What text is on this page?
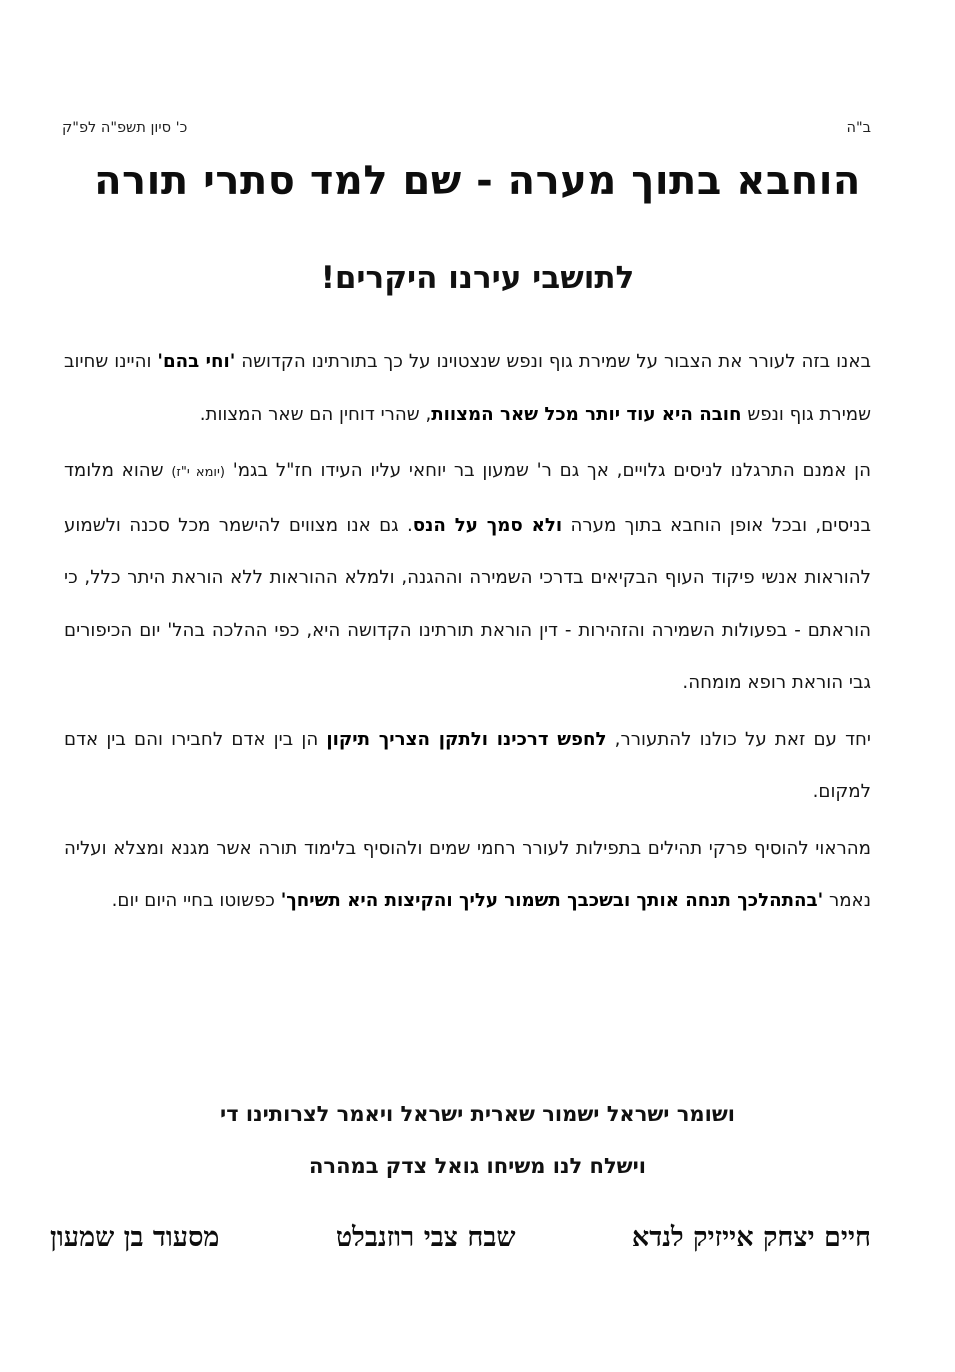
ב"ה
כ' סיון תשפ"ה לפ"ק
הוחבא בתוך מערה - שם למד סתרי תורה
לתושבי עירנו היקרים!

באנו בזה לעורר את הצבור על שמירת גוף ונפש שנצטוינו על כך בתורתינו הקדושה 'וחי בהם' והיינו שחיוב שמירת גוף ונפש חובה היא עוד יותר מכל שאר המצוות, שהרי דוחין הם שאר המצוות.

הן אמנם התרגלנו לניסים גלויים, אך גם ר' שמעון בר יוחאי עליו העידו חז"ל בגמ' (יומא י"ז) שהוא מלומד בניסים, ובכל אופן הוחבא בתוך מערה ולא סמך על הנס. גם אנו מצווים להישמר מכל סכנה ולשמוע להוראות אנשי פיקוד העוף הבקיאים בדרכי השמירה וההגנה, ולמלא ההוראות ללא הוראת היתר כלל, כי הוראתם - בפעולות השמירה והזהירות - דין הוראת תורתינו הקדושה היא, כפי ההלכה בהל' יום הכיפורים גבי הוראת רופא מומחה.

יחד עם זאת על כולנו להתעורר, לחפש דרכינו ולתקן הצריך תיקון הן בין אדם לחבירו והם בין אדם למקום.

מהראוי להוסיף פרקי תהילים בתפילות לעורר רחמי שמים ולהוסיף בלימוד תורה אשר מגנא ומצלא ועליה נאמר 'בהתהלכך תנחה אותך ובשכבך תשמור עליך והקיצות היא תשיחך' כפשוטו בחיי היום יום.

ושומר ישראל ישמור שארית ישראל ויאמר לצרותינו די
וישלח לנו משיחו גואל צדק במהרה
חיים יצחק אייזיק לנדא
שבח צבי רוזנבלט
מסעוד בן שמעון
